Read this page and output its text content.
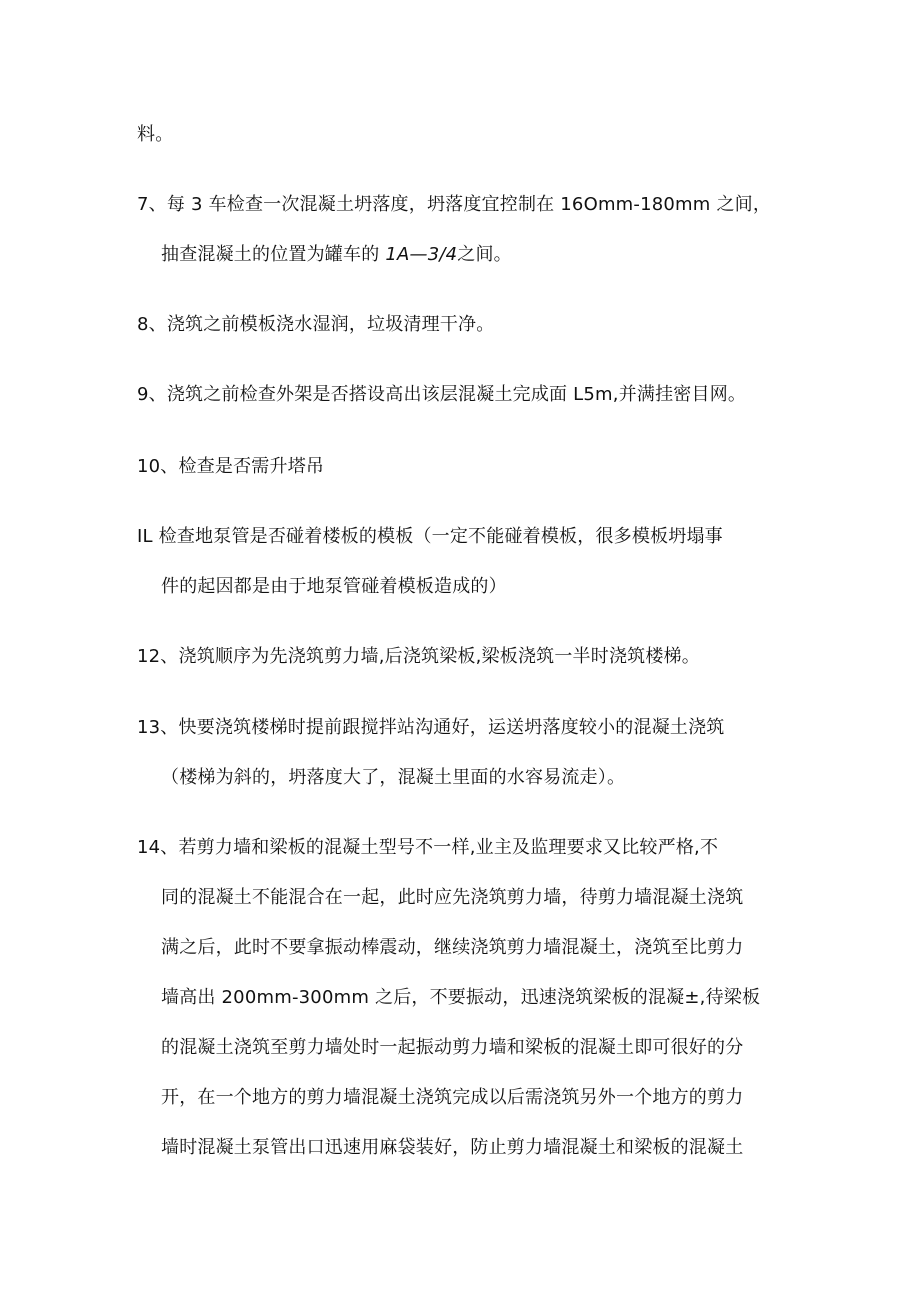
料。
7、每 3 车检查一次混凝土坍落度，坍落度宜控制在 16Omm-180mm 之间，
抽查混凝土的位置为罐车的 1A—3/4之间。
8、浇筑之前模板浇水湿润，垃圾清理干净。
9、浇筑之前检查外架是否搭设高出该层混凝土完成面 L5m,并满挂密目网。
10、检查是否需升塔吊
IL 检查地泵管是否碰着楼板的模板（一定不能碰着模板，很多模板坍塌事
件的起因都是由于地泵管碰着模板造成的）
12、浇筑顺序为先浇筑剪力墙,后浇筑梁板,梁板浇筑一半时浇筑楼梯。
13、快要浇筑楼梯时提前跟搅拌站沟通好，运送坍落度较小的混凝土浇筑
（楼梯为斜的，坍落度大了，混凝土里面的水容易流走）。
14、若剪力墙和梁板的混凝土型号不一样,业主及监理要求又比较严格,不
同的混凝土不能混合在一起，此时应先浇筑剪力墙，待剪力墙混凝土浇筑
满之后，此时不要拿振动棒震动，继续浇筑剪力墙混凝土，浇筑至比剪力
墙高出 200mm-300mm 之后，不要振动，迅速浇筑梁板的混凝±,待梁板
的混凝土浇筑至剪力墙处时一起振动剪力墙和梁板的混凝土即可很好的分
开，在一个地方的剪力墙混凝土浇筑完成以后需浇筑另外一个地方的剪力
墙时混凝土泵管出口迅速用麻袋装好，防止剪力墙混凝土和梁板的混凝土
